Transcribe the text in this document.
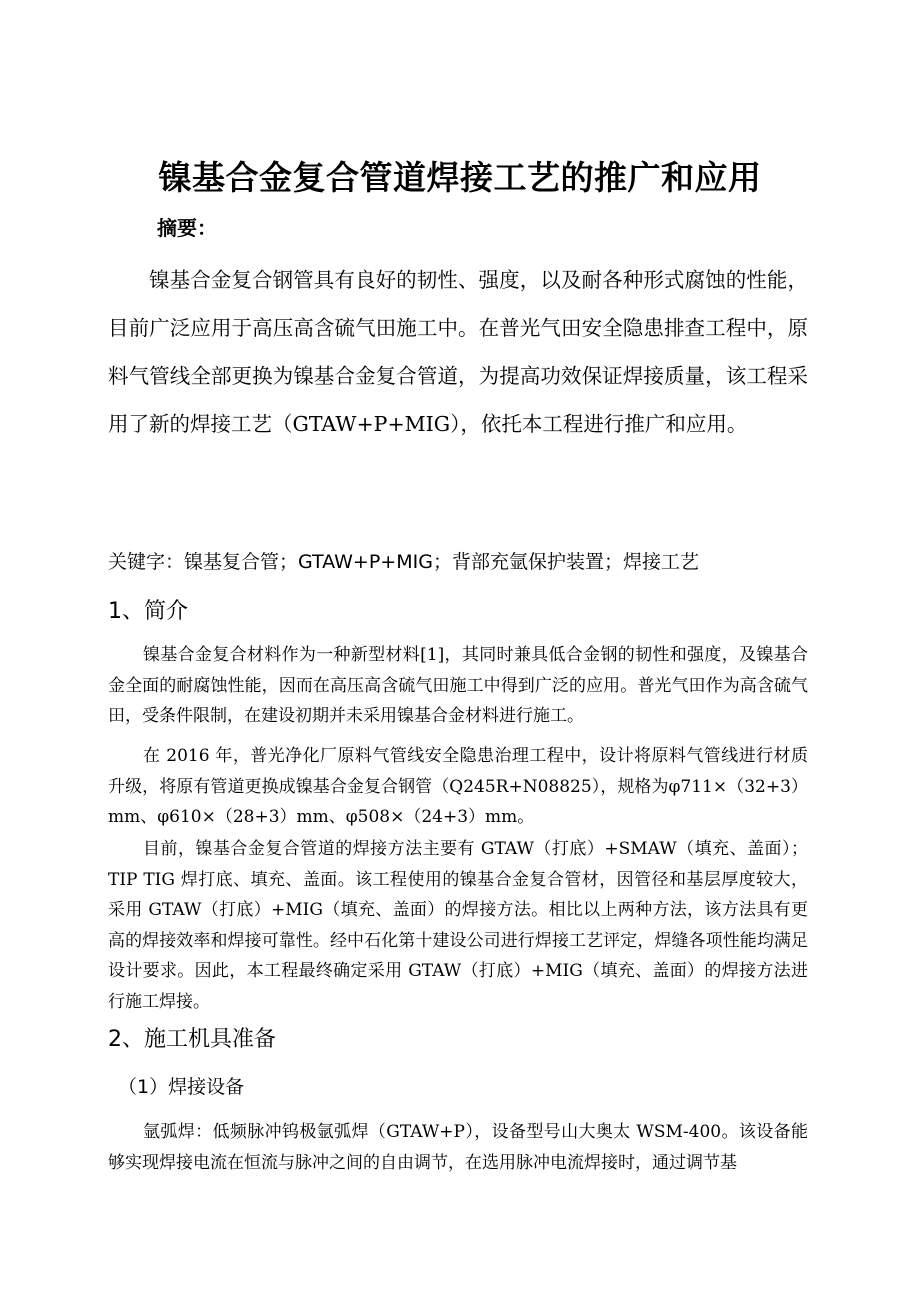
镍基合金复合管道焊接工艺的推广和应用
摘要：

镍基合金复合钢管具有良好的韧性、强度，以及耐各种形式腐蚀的性能，目前广泛应用于高压高含硫气田施工中。在普光气田安全隐患排查工程中，原料气管线全部更换为镍基合金复合管道，为提高功效保证焊接质量，该工程采用了新的焊接工艺（GTAW+P+MIG），依托本工程进行推广和应用。

关键字：镍基复合管；GTAW+P+MIG；背部充氩保护装置；焊接工艺
1、简介

镍基合金复合材料作为一种新型材料[1]，其同时兼具低合金钢的韧性和强度，及镍基合金全面的耐腐蚀性能，因而在高压高含硫气田施工中得到广泛的应用。普光气田作为高含硫气田，受条件限制，在建设初期并未采用镍基合金材料进行施工。

在 2016 年，普光净化厂原料气管线安全隐患治理工程中，设计将原料气管线进行材质升级，将原有管道更换成镍基合金复合钢管（Q245R+N08825），规格为φ711×（32+3）mm、φ610×（28+3）mm、φ508×（24+3）mm。

目前，镍基合金复合管道的焊接方法主要有 GTAW（打底）+SMAW（填充、盖面）；TIP TIG 焊打底、填充、盖面。该工程使用的镍基合金复合管材，因管径和基层厚度较大，采用 GTAW（打底）+MIG（填充、盖面）的焊接方法。相比以上两种方法，该方法具有更高的焊接效率和焊接可靠性。经中石化第十建设公司进行焊接工艺评定，焊缝各项性能均满足设计要求。因此，本工程最终确定采用 GTAW（打底）+MIG（填充、盖面）的焊接方法进行施工焊接。

2、施工机具准备
（1）焊接设备

氩弧焊：低频脉冲钨极氩弧焊（GTAW+P），设备型号山大奥太 WSM-400。该设备能够实现焊接电流在恒流与脉冲之间的自由调节，在选用脉冲电流焊接时，通过调节基
